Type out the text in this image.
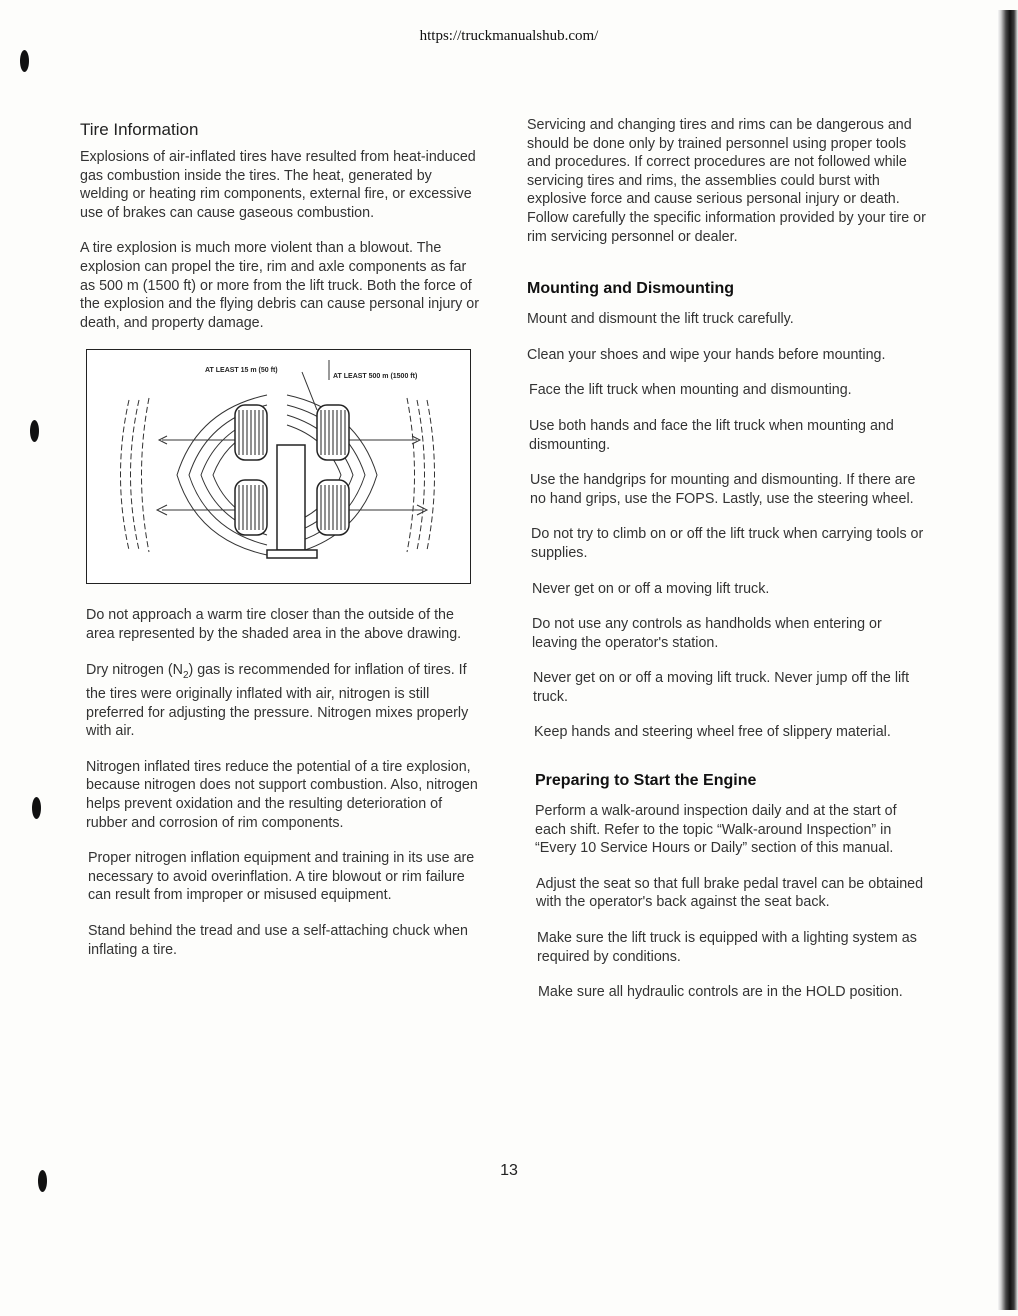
https://truckmanualshub.com/
Tire Information

Explosions of air-inflated tires have resulted from heat-induced gas combustion inside the tires. The heat, generated by welding or heating rim components, external fire, or excessive use of brakes can cause gaseous combustion.

A tire explosion is much more violent than a blowout. The explosion can propel the tire, rim and axle components as far as 500 m (1500 ft) or more from the lift truck. Both the force of the explosion and the flying debris can cause personal injury or death, and property damage.

AT LEAST 15 m (50 ft)
AT LEAST 500 m (1500 ft)

Do not approach a warm tire closer than the outside of the area represented by the shaded area in the above drawing.

Dry nitrogen $(N_2)$ gas is recommended for inflation of tires. If the tires were originally inflated with air, nitrogen is still preferred for adjusting the pressure. Nitrogen mixes properly with air.

Nitrogen inflated tires reduce the potential of a tire explosion, because nitrogen does not support combustion. Also, nitrogen helps prevent oxidation and the resulting deterioration of rubber and corrosion of rim components.

Proper nitrogen inflation equipment and training in its use are necessary to avoid overinflation. A tire blowout or rim failure can result from improper or misused equipment.

Stand behind the tread and use a self-attaching chuck when inflating a tire.

Servicing and changing tires and rims can be dangerous and should be done only by trained personnel using proper tools and procedures. If correct procedures are not followed while servicing tires and rims, the assemblies could burst with explosive force and cause serious personal injury or death. Follow carefully the specific information provided by your tire or rim servicing personnel or dealer.

Mounting and Dismounting

Mount and dismount the lift truck carefully.

Clean your shoes and wipe your hands before mounting.

Face the lift truck when mounting and dismounting.

Use both hands and face the lift truck when mounting and dismounting.

Use the handgrips for mounting and dismounting. If there are no hand grips, use the FOPS. Lastly, use the steering wheel.

Do not try to climb on or off the lift truck when carrying tools or supplies.

Never get on or off a moving lift truck.

Do not use any controls as handholds when entering or leaving the operator's station.

Never get on or off a moving lift truck. Never jump off the lift truck.

Keep hands and steering wheel free of slippery material.

Preparing to Start the Engine

Perform a walk-around inspection daily and at the start of each shift. Refer to the topic “Walk-around Inspection” in “Every 10 Service Hours or Daily” section of this manual.

Adjust the seat so that full brake pedal travel can be obtained with the operator's back against the seat back.

Make sure the lift truck is equipped with a lighting system as required by conditions.

Make sure all hydraulic controls are in the HOLD position.

13
